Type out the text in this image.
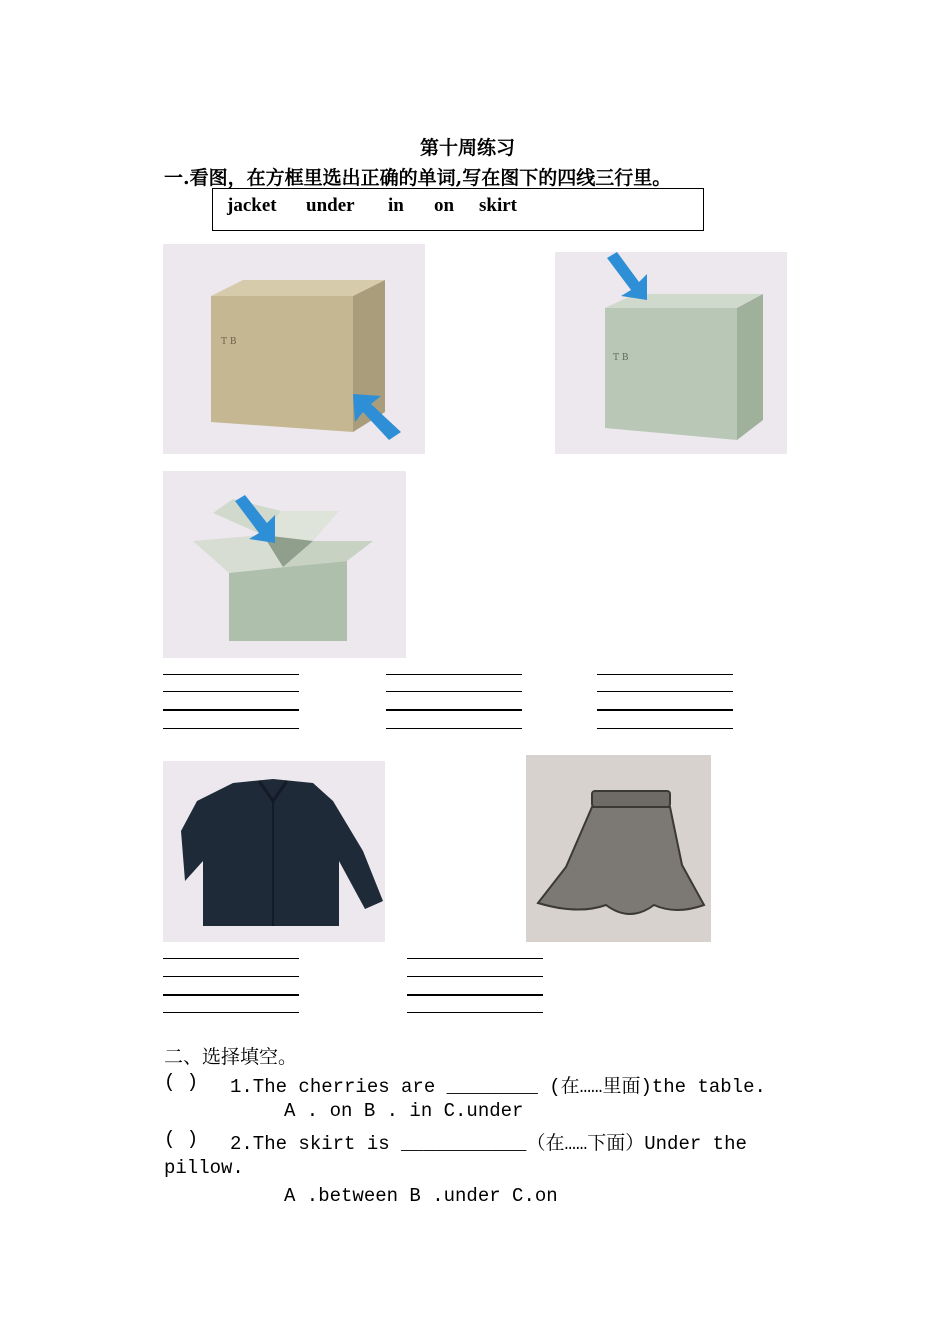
第十周练习
一.看图，在方框里选出正确的单词,写在图下的四线三行里。
jacket under in on skirt
T B
T B
二、选择填空。
( ) 1.The cherries are ________ (在……里面)the table.
A . on B . in C.under
( ) 2.The skirt is ___________（在……下面）Under the
pillow.
A .between B .under C.on
